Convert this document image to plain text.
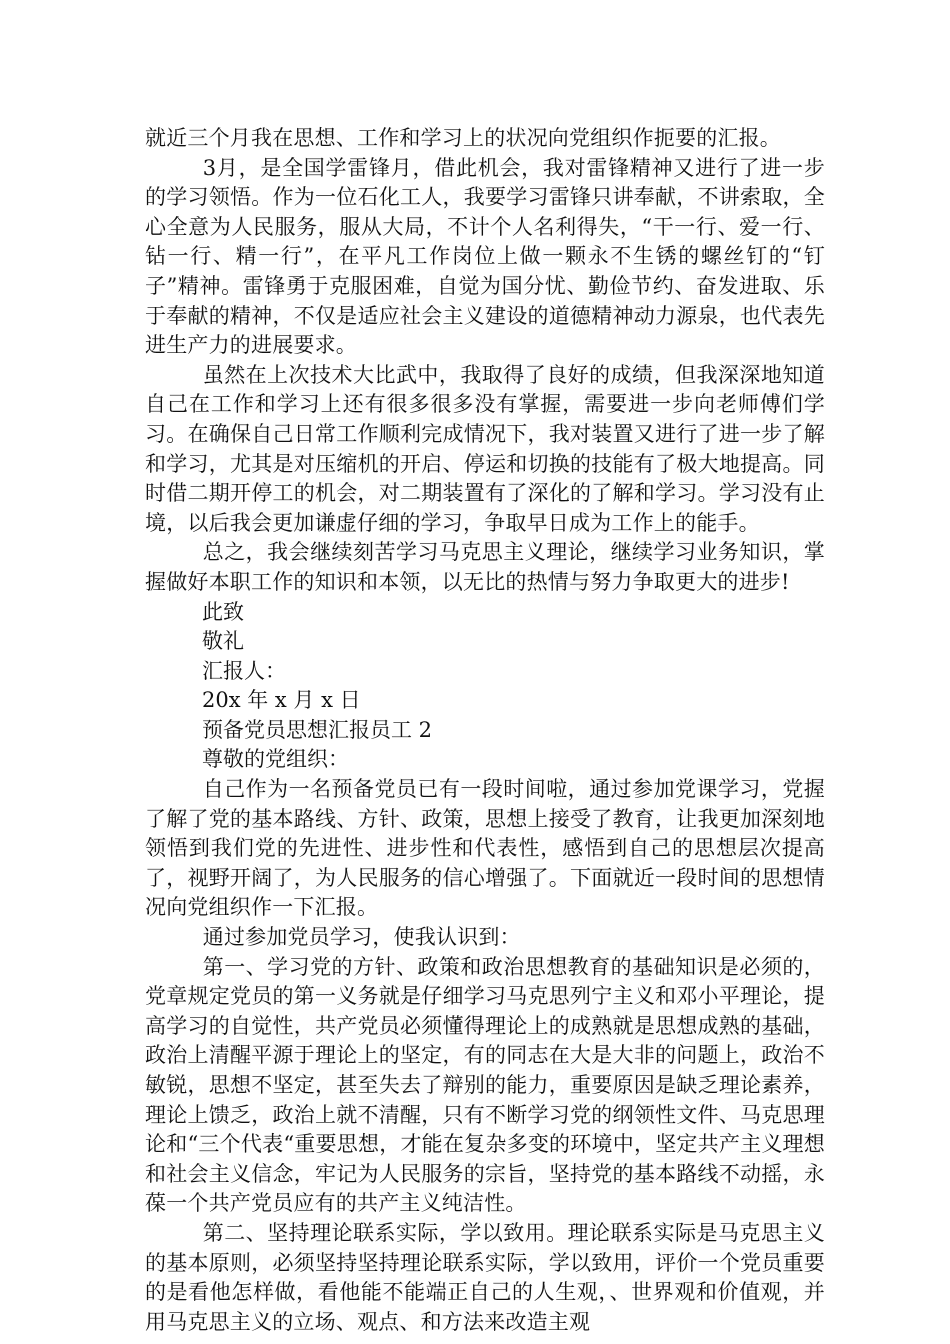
就近三个月我在思想、工作和学习上的状况向党组织作扼要的汇报。

3月，是全国学雷锋月，借此机会，我对雷锋精神又进行了进一步的学习领悟。作为一位石化工人，我要学习雷锋只讲奉献，不讲索取，全心全意为人民服务，服从大局，不计个人名利得失，“干一行、爱一行、钻一行、精一行”，在平凡工作岗位上做一颗永不生锈的螺丝钉的“钉子”精神。雷锋勇于克服困难，自觉为国分忧、勤俭节约、奋发进取、乐于奉献的精神，不仅是适应社会主义建设的道德精神动力源泉，也代表先进生产力的进展要求。

虽然在上次技术大比武中，我取得了良好的成绩，但我深深地知道自己在工作和学习上还有很多很多没有掌握，需要进一步向老师傅们学习。在确保自己日常工作顺利完成情况下，我对装置又进行了进一步了解和学习，尤其是对压缩机的开启、停运和切换的技能有了极大地提高。同时借二期开停工的机会，对二期装置有了深化的了解和学习。学习没有止境，以后我会更加谦虚仔细的学习，争取早日成为工作上的能手。

总之，我会继续刻苦学习马克思主义理论，继续学习业务知识，掌握做好本职工作的知识和本领，以无比的热情与努力争取更大的进步!

此致

敬礼

汇报人：

20x 年 x 月 x 日

预备党员思想汇报员工 2

尊敬的党组织：

自己作为一名预备党员已有一段时间啦，通过参加党课学习，党握了解了党的基本路线、方针、政策，思想上接受了教育，让我更加深刻地领悟到我们党的先进性、进步性和代表性，感悟到自己的思想层次提高了，视野开阔了，为人民服务的信心增强了。下面就近一段时间的思想情况向党组织作一下汇报。

通过参加党员学习，使我认识到：

第一、学习党的方针、政策和政治思想教育的基础知识是必须的，党章规定党员的第一义务就是仔细学习马克思列宁主义和邓小平理论，提高学习的自觉性，共产党员必须懂得理论上的成熟就是思想成熟的基础，政治上清醒平源于理论上的坚定，有的同志在大是大非的问题上，政治不敏锐，思想不坚定，甚至失去了辩别的能力，重要原因是缺乏理论素养，理论上馈乏，政治上就不清醒，只有不断学习党的纲领性文件、马克思理论和“三个代表“重要思想，才能在复杂多变的环境中，坚定共产主义理想和社会主义信念，牢记为人民服务的宗旨，坚持党的基本路线不动摇，永葆一个共产党员应有的共产主义纯洁性。

第二、坚持理论联系实际，学以致用。理论联系实际是马克思主义的基本原则，必须坚持坚持理论联系实际，学以致用，评价一个党员重要的是看他怎样做，看他能不能端正自己的人生观，、世界观和价值观，并用马克思主义的立场、观点、和方法来改造主观
